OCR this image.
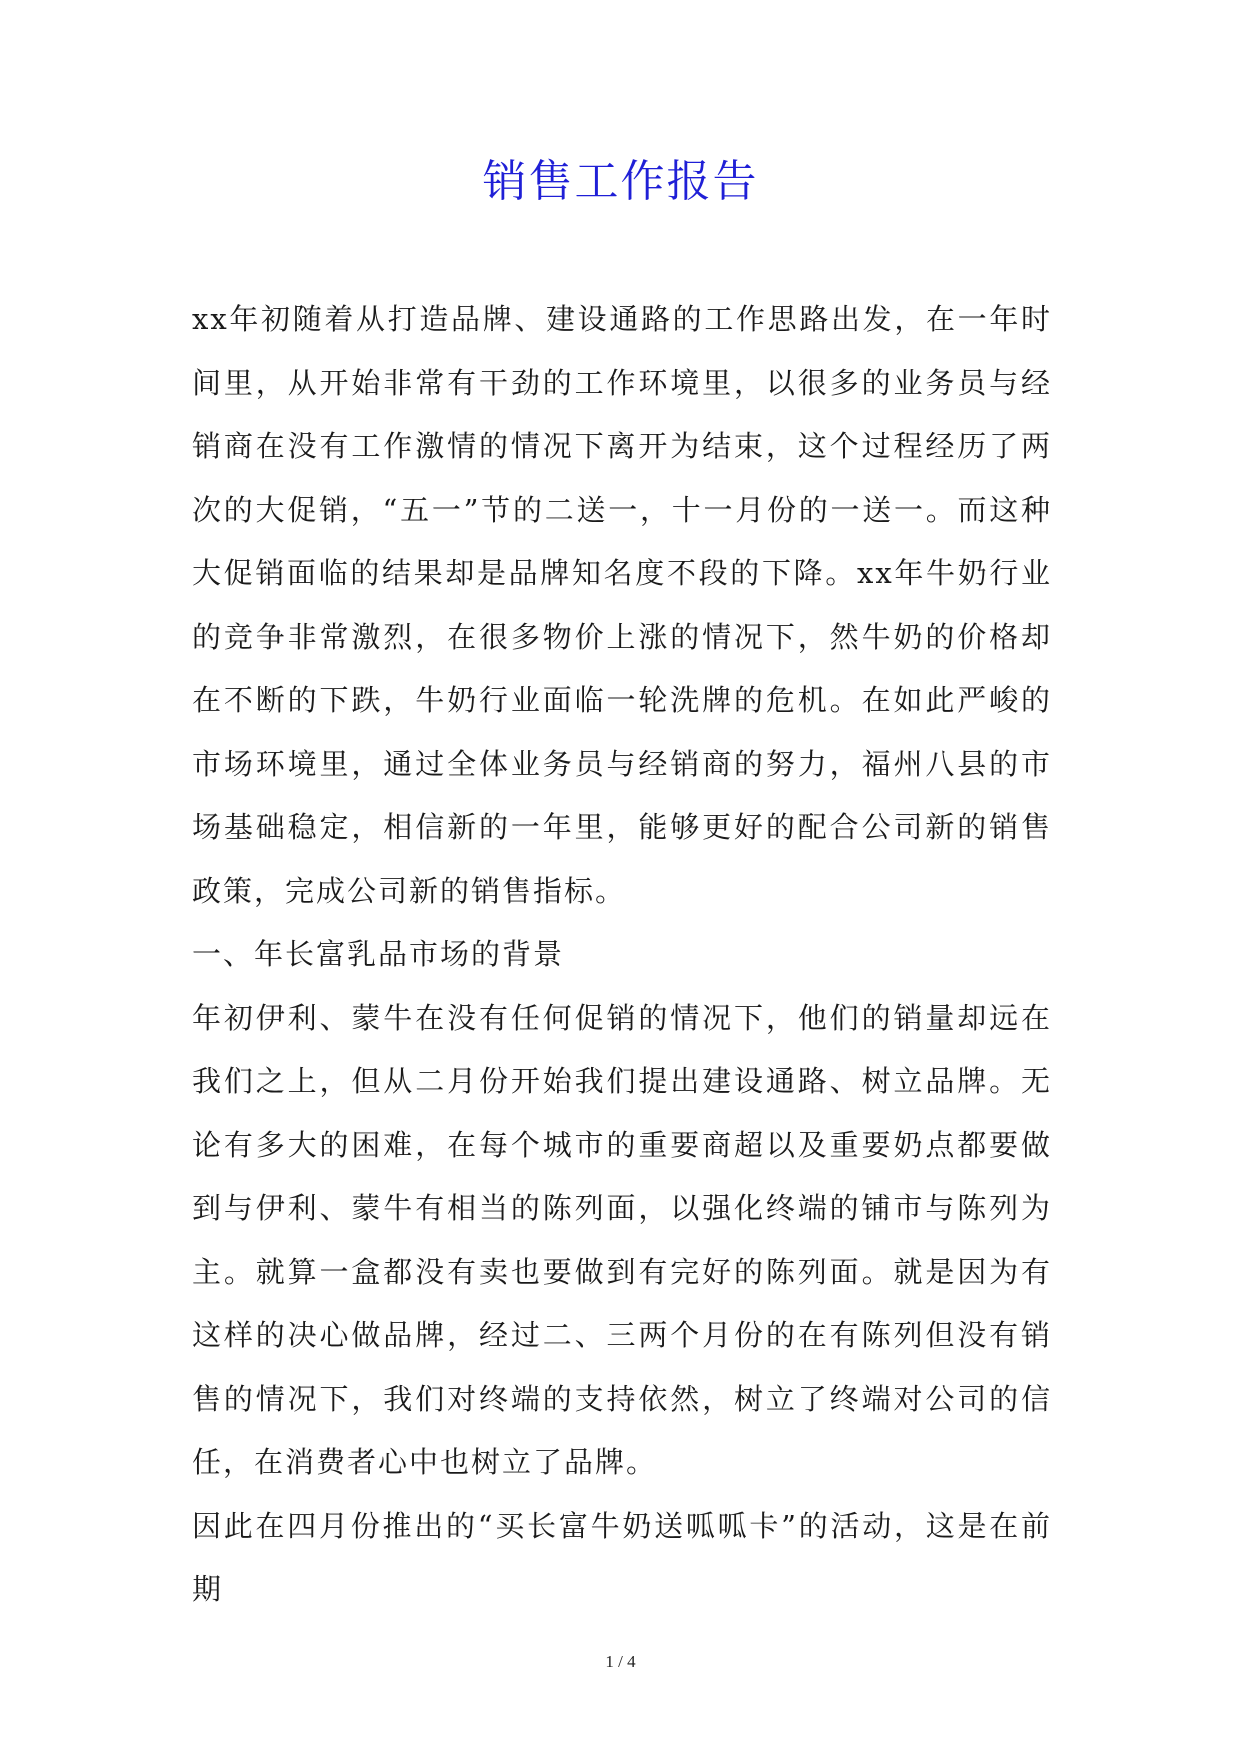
销售工作报告

xx年初随着从打造品牌、建设通路的工作思路出发，在一年时间里，从开始非常有干劲的工作环境里，以很多的业务员与经销商在没有工作激情的情况下离开为结束，这个过程经历了两次的大促销，“五一”节的二送一，十一月份的一送一。而这种大促销面临的结果却是品牌知名度不段的下降。xx年牛奶行业的竞争非常激烈，在很多物价上涨的情况下，然牛奶的价格却在不断的下跌，牛奶行业面临一轮洗牌的危机。在如此严峻的市场环境里，通过全体业务员与经销商的努力，福州八县的市场基础稳定，相信新的一年里，能够更好的配合公司新的销售政策，完成公司新的销售指标。

一、年长富乳品市场的背景

年初伊利、蒙牛在没有任何促销的情况下，他们的销量却远在我们之上，但从二月份开始我们提出建设通路、树立品牌。无论有多大的困难，在每个城市的重要商超以及重要奶点都要做到与伊利、蒙牛有相当的陈列面，以强化终端的铺市与陈列为主。就算一盒都没有卖也要做到有完好的陈列面。就是因为有这样的决心做品牌，经过二、三两个月份的在有陈列但没有销售的情况下，我们对终端的支持依然，树立了终端对公司的信任，在消费者心中也树立了品牌。

因此在四月份推出的“买长富牛奶送呱呱卡”的活动，这是在前期

1 / 4
